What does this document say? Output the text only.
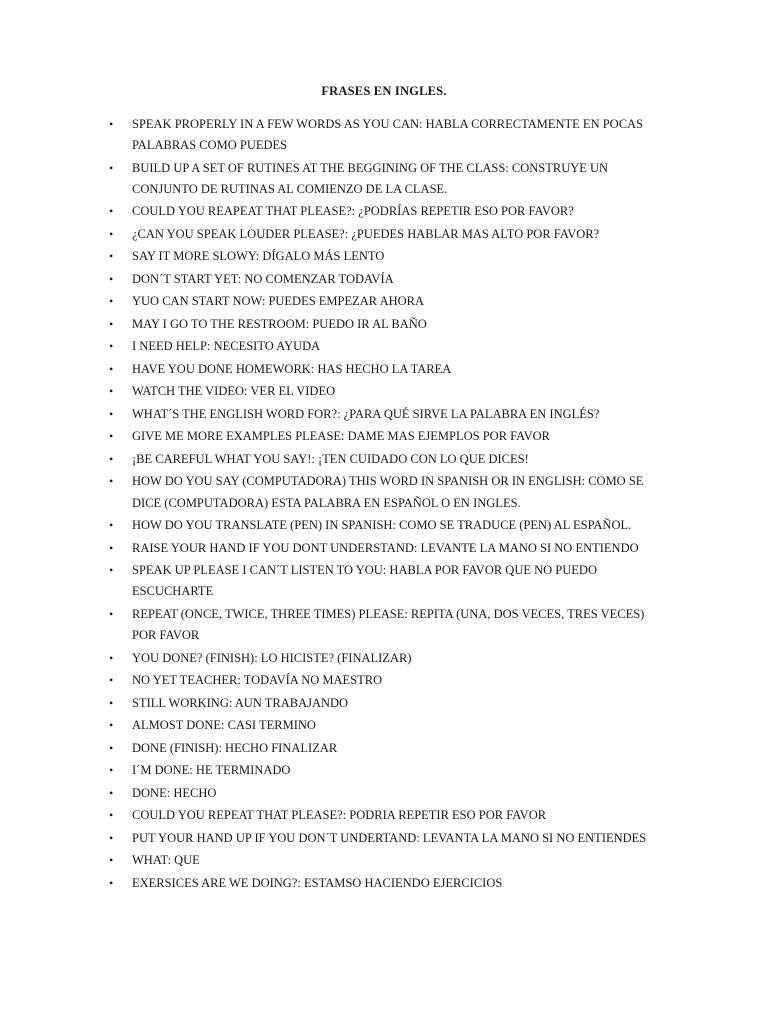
FRASES EN INGLES.
• SPEAK PROPERLY IN A FEW WORDS AS YOU CAN: HABLA CORRECTAMENTE EN POCAS PALABRAS COMO PUEDES
• BUILD UP A SET OF RUTINES AT THE BEGGINING OF THE CLASS: CONSTRUYE UN CONJUNTO DE RUTINAS AL COMIENZO DE LA CLASE.
• COULD YOU REAPEAT THAT PLEASE?: ¿PODRÍAS REPETIR ESO POR FAVOR?
• ¿CAN YOU SPEAK LOUDER PLEASE?: ¿PUEDES HABLAR MAS ALTO POR FAVOR?
• SAY IT MORE SLOWY: DÍGALO MÁS LENTO
• DON´T START YET: NO COMENZAR TODAVÍA
• YUO CAN START NOW: PUEDES EMPEZAR AHORA
• MAY I GO TO THE RESTROOM: PUEDO IR AL BAÑO
• I NEED HELP: NECESITO AYUDA
• HAVE YOU DONE HOMEWORK: HAS HECHO LA TAREA
• WATCH THE VIDEO: VER EL VIDEO
• WHAT´S THE ENGLISH WORD FOR?: ¿PARA QUÉ SIRVE LA PALABRA EN INGLÉS?
• GIVE ME MORE EXAMPLES PLEASE: DAME MAS EJEMPLOS POR FAVOR
• ¡BE CAREFUL WHAT YOU SAY!: ¡TEN CUIDADO CON LO QUE DICES!
• HOW DO YOU SAY (COMPUTADORA) THIS WORD IN SPANISH OR IN ENGLISH: COMO SE DICE (COMPUTADORA) ESTA PALABRA EN ESPAÑOL O EN INGLES.
• HOW DO YOU TRANSLATE (PEN) IN SPANISH: COMO SE TRADUCE (PEN) AL ESPAÑOL.
• RAISE YOUR HAND IF YOU DONT UNDERSTAND: LEVANTE LA MANO SI NO ENTIENDO
• SPEAK UP PLEASE I CAN´T LISTEN TO YOU: HABLA POR FAVOR QUE NO PUEDO ESCUCHARTE
• REPEAT (ONCE, TWICE, THREE TIMES) PLEASE: REPITA (UNA, DOS VECES, TRES VECES) POR FAVOR
• YOU DONE? (FINISH): LO HICISTE? (FINALIZAR)
• NO YET TEACHER: TODAVÍA NO MAESTRO
• STILL WORKING: AUN TRABAJANDO
• ALMOST DONE: CASI TERMINO
• DONE (FINISH): HECHO FINALIZAR
• I´M DONE: HE TERMINADO
• DONE: HECHO
• COULD YOU REPEAT THAT PLEASE?: PODRIA REPETIR ESO POR FAVOR
• PUT YOUR HAND UP IF YOU DON´T UNDERTAND: LEVANTA LA MANO SI NO ENTIENDES
• WHAT: QUE
• EXERSICES ARE WE DOING?: ESTAMSO HACIENDO EJERCICIOS
